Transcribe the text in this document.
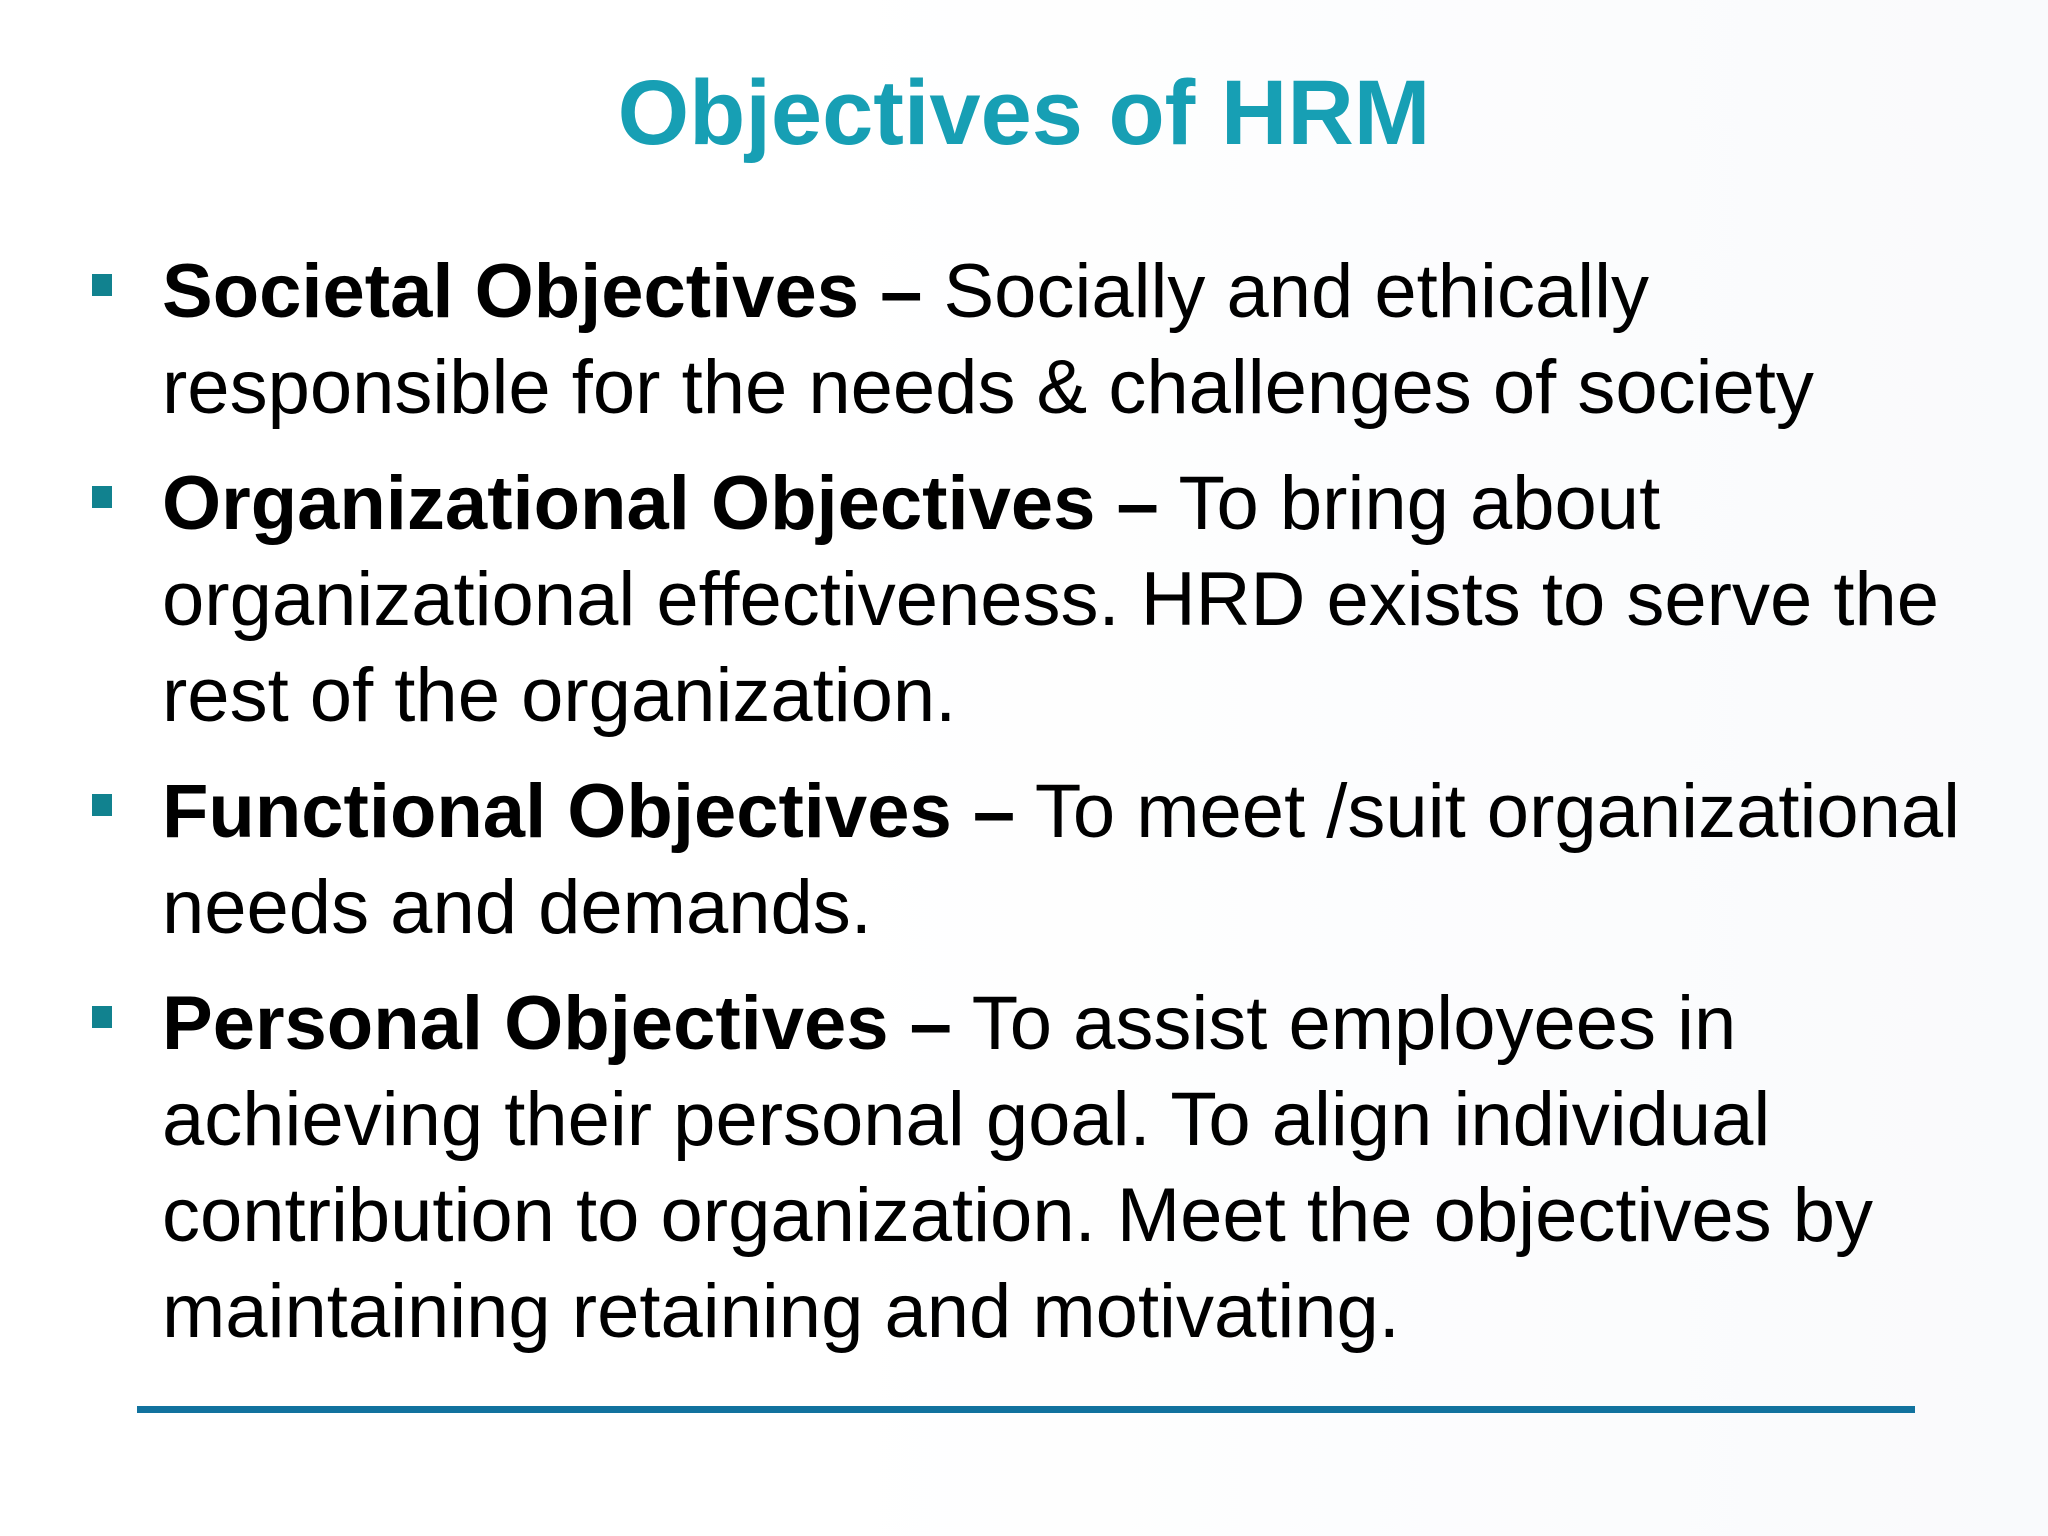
Objectives of HRM
Societal Objectives – Socially and ethically responsible for the needs & challenges of society
Organizational Objectives – To bring about organizational effectiveness. HRD exists to serve the rest of the organization.
Functional Objectives – To meet /suit organizational needs and demands.
Personal Objectives – To assist employees in achieving their personal goal. To align individual contribution to organization. Meet the objectives by maintaining retaining and motivating.
